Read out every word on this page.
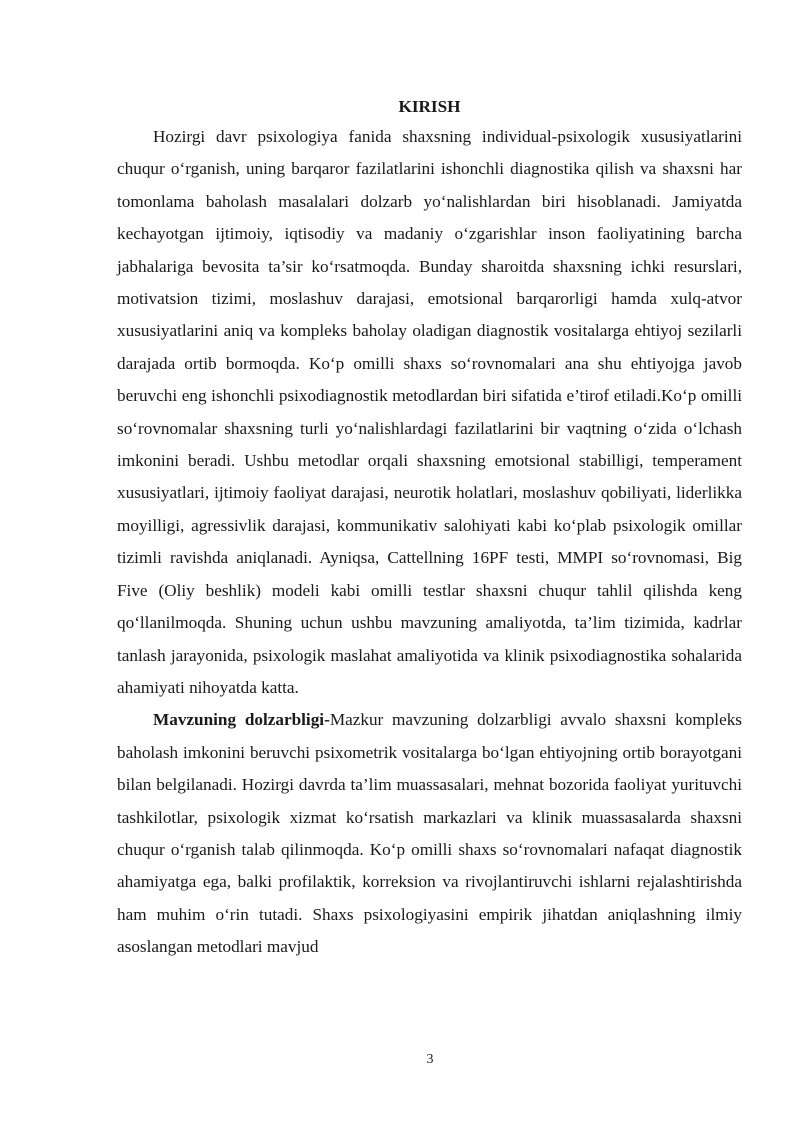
KIRISH

Hozirgi davr psixologiya fanida shaxsning individual-psixologik xususiyatlarini chuqur o‘rganish, uning barqaror fazilatlarini ishonchli diagnostika qilish va shaxsni har tomonlama baholash masalalari dolzarb yo‘nalishlardan biri hisoblanadi. Jamiyatda kechayotgan ijtimoiy, iqtisodiy va madaniy o‘zgarishlar inson faoliyatining barcha jabhalariga bevosita ta’sir ko‘rsatmoqda. Bunday sharoitda shaxsning ichki resurslari, motivatsion tizimi, moslashuv darajasi, emotsional barqarorligi hamda xulq-atvor xususiyatlarini aniq va kompleks baholay oladigan diagnostik vositalarga ehtiyoj sezilarli darajada ortib bormoqda. Ko‘p omilli shaxs so‘rovnomalari ana shu ehtiyojga javob beruvchi eng ishonchli psixodiagnostik metodlardan biri sifatida e’tirof etiladi.Ko‘p omilli so‘rovnomalar shaxsning turli yo‘nalishlardagi fazilatlarini bir vaqtning o‘zida o‘lchash imkonini beradi. Ushbu metodlar orqali shaxsning emotsional stabilligi, temperament xususiyatlari, ijtimoiy faoliyat darajasi, neurotik holatlari, moslashuv qobiliyati, liderlikka moyilligi, agressivlik darajasi, kommunikativ salohiyati kabi ko‘plab psixologik omillar tizimli ravishda aniqlanadi. Ayniqsa, Cattellning 16PF testi, MMPI so‘rovnomasi, Big Five (Oliy beshlik) modeli kabi omilli testlar shaxsni chuqur tahlil qilishda keng qo‘llanilmoqda. Shuning uchun ushbu mavzuning amaliyotda, ta’lim tizimida, kadrlar tanlash jarayonida, psixologik maslahat amaliyotida va klinik psixodiagnostika sohalarida ahamiyati nihoyatda katta.

Mavzuning dolzarbligi-Mazkur mavzuning dolzarbligi avvalo shaxsni kompleks baholash imkonini beruvchi psixometrik vositalarga bo‘lgan ehtiyojning ortib borayotgani bilan belgilanadi. Hozirgi davrda ta’lim muassasalari, mehnat bozorida faoliyat yurituvchi tashkilotlar, psixologik xizmat ko‘rsatish markazlari va klinik muassasalarda shaxsni chuqur o‘rganish talab qilinmoqda. Ko‘p omilli shaxs so‘rovnomalari nafaqat diagnostik ahamiyatga ega, balki profilaktik, korreksion va rivojlantiruvchi ishlarni rejalashtirishda ham muhim o‘rin tutadi. Shaxs psixologiyasini empirik jihatdan aniqlashning ilmiy asoslangan metodlari mavjud

3
